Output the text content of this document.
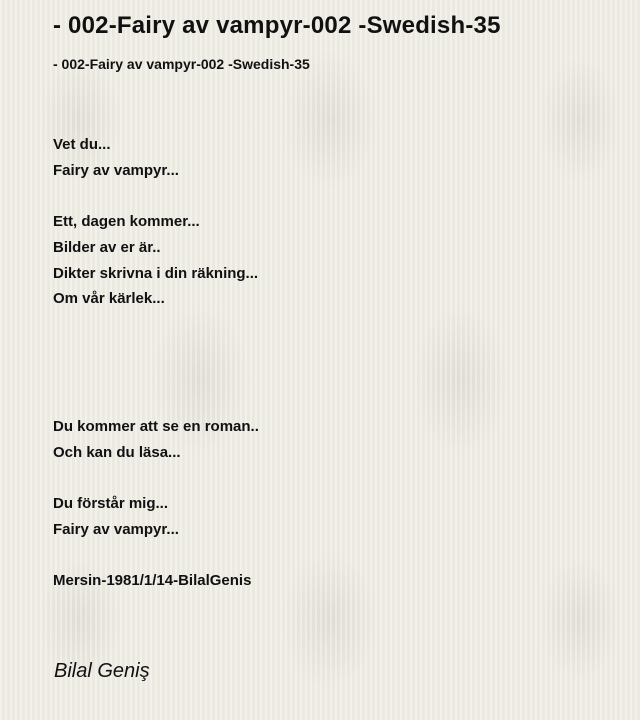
- 002-Fairy av vampyr-002 -Swedish-35
- 002-Fairy av vampyr-002 -Swedish-35
Vet du...
Fairy av vampyr...
Ett, dagen kommer...
Bilder av er är..
Dikter skrivna i din räkning...
Om vår kärlek...
Du kommer att se en roman..
Och kan du läsa...
Du förstår mig...
Fairy av vampyr...
Mersin-1981/1/14-BilalGenis
Bilal Geniş
